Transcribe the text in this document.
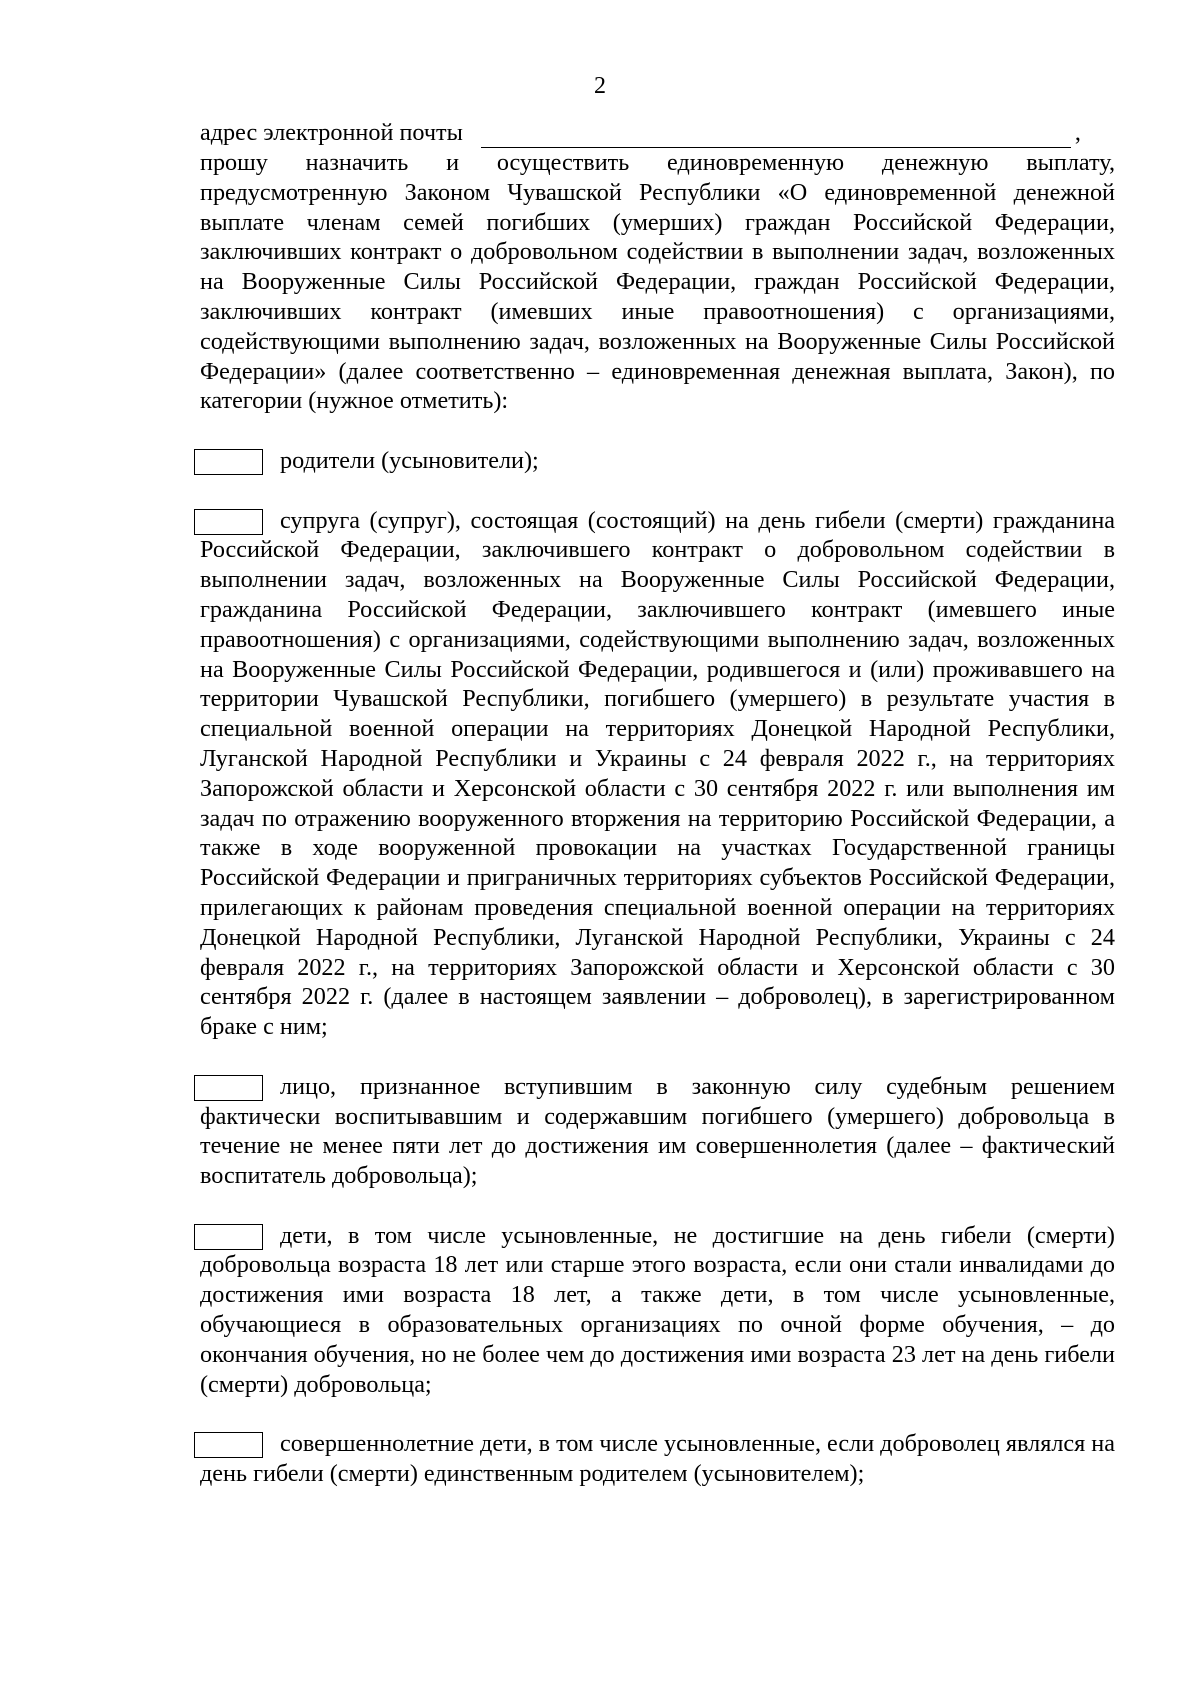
2
адрес электронной почты	,

прошу назначить и осуществить единовременную денежную выплату, предусмотренную Законом Чувашской Республики «О единовременной денежной выплате членам семей погибших (умерших) граждан Российской Федерации, заключивших контракт о добровольном содействии в выполнении задач, возложенных на Вооруженные Силы Российской Федерации, граждан Российской Федерации, заключивших контракт (имевших иные правоотношения) с организациями, содействующими выполнению задач, возложенных на Вооруженные Силы Российской Федерации» (далее соответственно – единовременная денежная выплата, Закон), по категории (нужное отметить):

родители (усыновители);

супруга (супруг), состоящая (состоящий) на день гибели (смерти) гражданина Российской Федерации, заключившего контракт о добровольном содействии в выполнении задач, возложенных на Вооруженные Силы Российской Федерации, гражданина Российской Федерации, заключившего контракт (имевшего иные правоотношения) с организациями, содействующими выполнению задач, возложенных на Вооруженные Силы Российской Федерации, родившегося и (или) проживавшего на территории Чувашской Республики, погибшего (умершего) в результате участия в специальной военной операции на территориях Донецкой Народной Республики, Луганской Народной Республики и Украины с 24 февраля 2022 г., на территориях Запорожской области и Херсонской области с 30 сентября 2022 г. или выполнения им задач по отражению вооруженного вторжения на территорию Российской Федерации, а также в ходе вооруженной провокации на участках Государственной границы Российской Федерации и приграничных территориях субъектов Российской Федерации, прилегающих к районам проведения специальной военной операции на территориях Донецкой Народной Республики, Луганской Народной Республики, Украины с 24 февраля 2022 г., на территориях Запорожской области и Херсонской области с 30 сентября 2022 г. (далее в настоящем заявлении – доброволец), в зарегистрированном браке с ним;

лицо, признанное вступившим в законную силу судебным решением фактически воспитывавшим и содержавшим погибшего (умершего) добровольца в течение не менее пяти лет до достижения им совершеннолетия (далее – фактический воспитатель добровольца);

дети, в том числе усыновленные, не достигшие на день гибели (смерти) добровольца возраста 18 лет или старше этого возраста, если они стали инвалидами до достижения ими возраста 18 лет, а также дети, в том числе усыновленные, обучающиеся в образовательных организациях по очной форме обучения, – до окончания обучения, но не более чем до достижения ими возраста 23 лет на день гибели (смерти) добровольца;

совершеннолетние дети, в том числе усыновленные, если доброволец являлся на день гибели (смерти) единственным родителем (усыновителем);
